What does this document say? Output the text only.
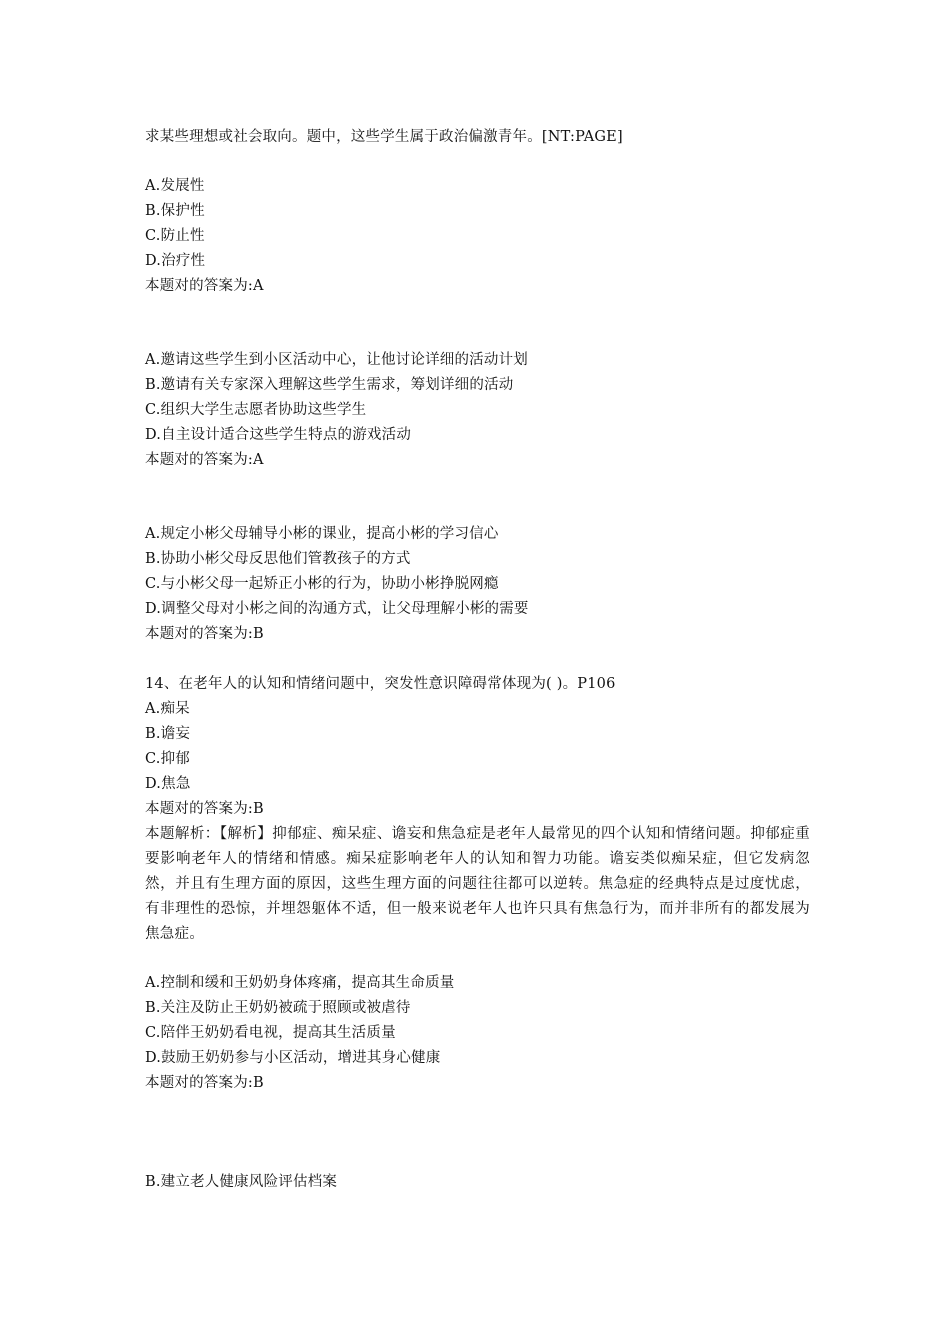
求某些理想或社会取向。题中，这些学生属于政治偏激青年。[NT:PAGE]
A.发展性
B.保护性
C.防止性
D.治疗性
本题对的答案为:A
A.邀请这些学生到小区活动中心，让他讨论详细的活动计划
B.邀请有关专家深入理解这些学生需求，筹划详细的活动
C.组织大学生志愿者协助这些学生
D.自主设计适合这些学生特点的游戏活动
本题对的答案为:A
A.规定小彬父母辅导小彬的课业，提高小彬的学习信心
B.协助小彬父母反思他们管教孩子的方式
C.与小彬父母一起矫正小彬的行为，协助小彬挣脱网瘾
D.调整父母对小彬之间的沟通方式，让父母理解小彬的需要
本题对的答案为:B
14、在老年人的认知和情绪问题中，突发性意识障碍常体现为( )。P106
A.痴呆
B.谵妄
C.抑郁
D.焦急
本题对的答案为:B
本题解析：【解析】抑郁症、痴呆症、谵妄和焦急症是老年人最常见的四个认知和情绪问题。抑郁症重要影响老年人的情绪和情感。痴呆症影响老年人的认知和智力功能。谵妄类似痴呆症，但它发病忽然，并且有生理方面的原因，这些生理方面的问题往往都可以逆转。焦急症的经典特点是过度忧虑，有非理性的恐惊，并埋怨躯体不适，但一般来说老年人也许只具有焦急行为，而并非所有的都发展为焦急症。
A.控制和缓和王奶奶身体疼痛，提高其生命质量
B.关注及防止王奶奶被疏于照顾或被虐待
C.陪伴王奶奶看电视，提高其生活质量
D.鼓励王奶奶参与小区活动，增进其身心健康
本题对的答案为:B
B.建立老人健康风险评估档案
